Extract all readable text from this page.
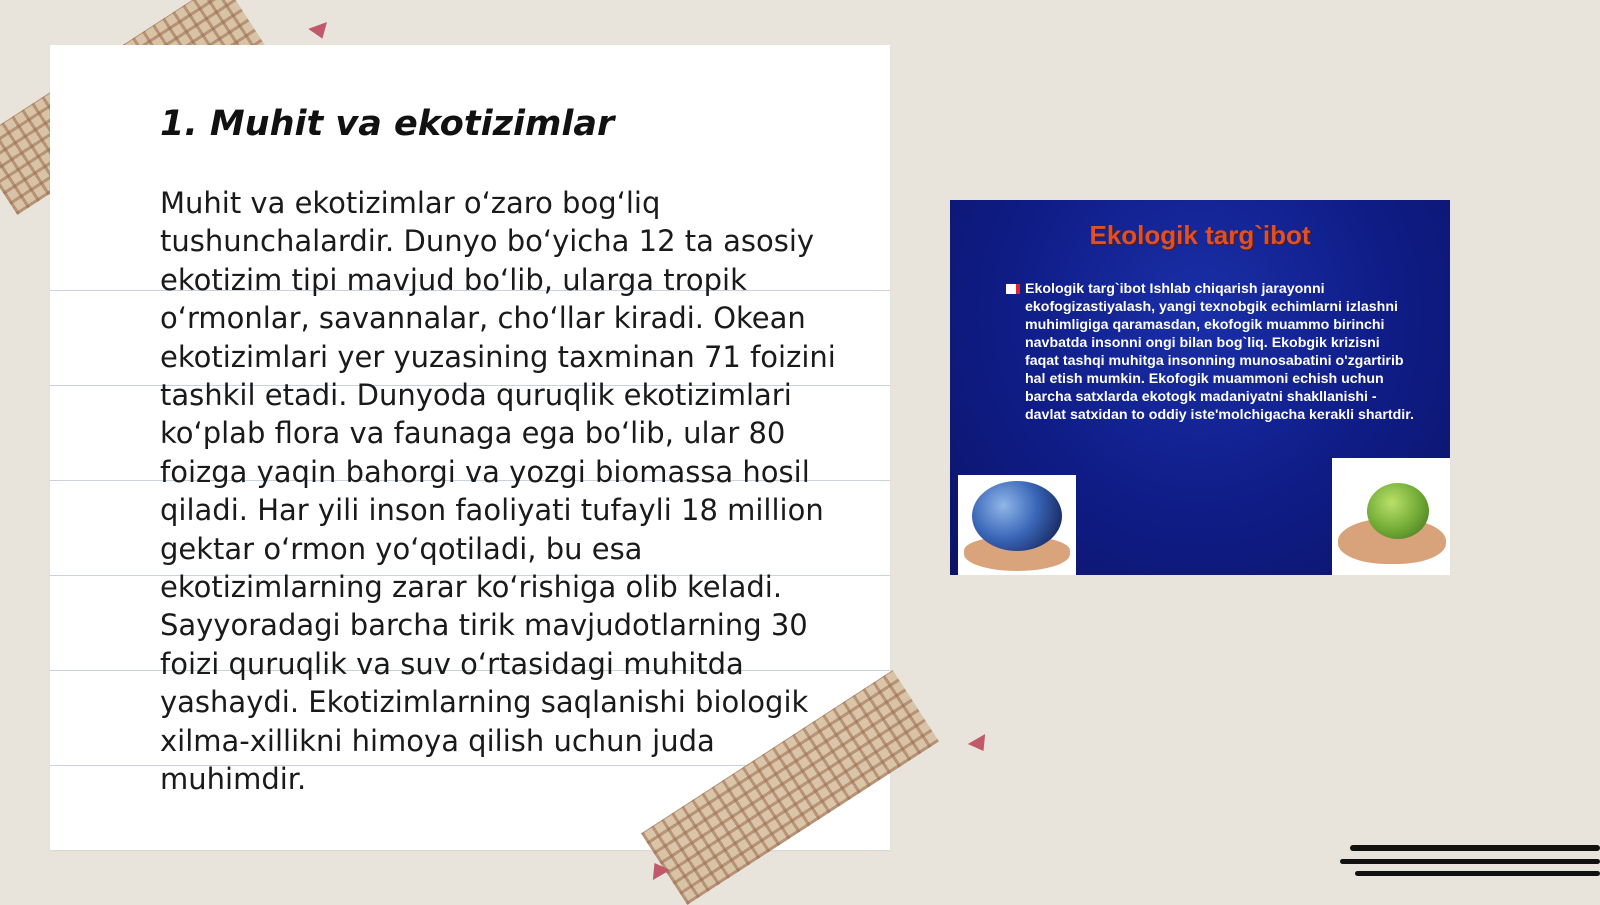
1. Muhit va ekotizimlar

Muhit va ekotizimlar o‘zaro bog‘liq tushunchalardir. Dunyo bo‘yicha 12 ta asosiy ekotizim tipi mavjud bo‘lib, ularga tropik o‘rmonlar, savannalar, cho‘llar kiradi. Okean ekotizimlari yer yuzasining taxminan 71 foizini tashkil etadi. Dunyoda quruqlik ekotizimlari ko‘plab flora va faunaga ega bo‘lib, ular 80 foizga yaqin bahorgi va yozgi biomassa hosil qiladi. Har yili inson faoliyati tufayli 18 million gektar o‘rmon yo‘qotiladi, bu esa ekotizimlarning zarar ko‘rishiga olib keladi. Sayyoradagi barcha tirik mavjudotlarning 30 foizi quruqlik va suv o‘rtasidagi muhitda yashaydi. Ekotizimlarning saqlanishi biologik xilma-xillikni himoya qilish uchun juda muhimdir.

Ekologik targ`ibot
Ekologik targ`ibot Ishlab chiqarish jarayonni ekofogizastiyalash, yangi texnobgik echimlarni izlashni muhimligiga qaramasdan, ekofogik muammo birinchi navbatda insonni ongi bilan bog`liq. Ekobgik krizisni faqat tashqi muhitga insonning munosabatini o'zgartirib hal etish mumkin. Ekofogik muammoni echish uchun barcha satxlarda ekotogk madaniyatni shakllanishi - davlat satxidan to oddiy iste'molchigacha kerakli shartdir.
